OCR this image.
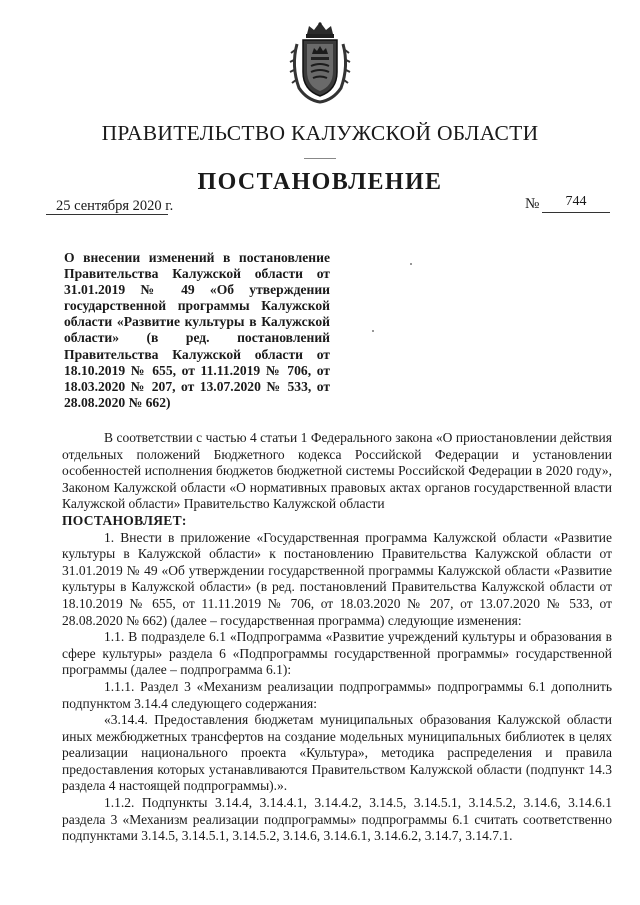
ПРАВИТЕЛЬСТВО КАЛУЖСКОЙ ОБЛАСТИ
ПОСТАНОВЛЕНИЕ
25 сентября 2020 г.	№	744

О внесении изменений в постановление Правительства Калужской области от 31.01.2019 № 49 «Об утверждении государственной программы Калужской области «Развитие культуры в Калужской области» (в ред. постановлений Правительства Калужской области от 18.10.2019 № 655, от 11.11.2019 № 706, от 18.03.2020 № 207, от 13.07.2020 № 533, от 28.08.2020 № 662)

В соответствии с частью 4 статьи 1 Федерального закона «О приостановлении действия отдельных положений Бюджетного кодекса Российской Федерации и установлении особенностей исполнения бюджетов бюджетной системы Российской Федерации в 2020 году», Законом Калужской области «О нормативных правовых актах органов государственной власти Калужской области» Правительство Калужской области

ПОСТАНОВЛЯЕТ:

1. Внести в приложение «Государственная программа Калужской области «Развитие культуры в Калужской области» к постановлению Правительства Калужской области от 31.01.2019 № 49 «Об утверждении государственной программы Калужской области «Развитие культуры в Калужской области» (в ред. постановлений Правительства Калужской области от 18.10.2019 № 655, от 11.11.2019 № 706, от 18.03.2020 № 207, от 13.07.2020 № 533, от 28.08.2020 № 662) (далее – государственная программа) следующие изменения:

1.1. В подразделе 6.1 «Подпрограмма «Развитие учреждений культуры и образования в сфере культуры» раздела 6 «Подпрограммы государственной программы» государственной программы (далее – подпрограмма 6.1):

1.1.1. Раздел 3 «Механизм реализации подпрограммы» подпрограммы 6.1 дополнить подпунктом 3.14.4 следующего содержания:

«3.14.4. Предоставления бюджетам муниципальных образования Калужской области иных межбюджетных трансфертов на создание модельных муниципальных библиотек в целях реализации национального проекта «Культура», методика распределения и правила предоставления которых устанавливаются Правительством Калужской области (подпункт 14.3 раздела 4 настоящей подпрограммы).».

1.1.2. Подпункты 3.14.4, 3.14.4.1, 3.14.4.2, 3.14.5, 3.14.5.1, 3.14.5.2, 3.14.6, 3.14.6.1 раздела 3 «Механизм реализации подпрограммы» подпрограммы 6.1 считать соответственно подпунктами 3.14.5, 3.14.5.1, 3.14.5.2, 3.14.6, 3.14.6.1, 3.14.6.2, 3.14.7, 3.14.7.1.
